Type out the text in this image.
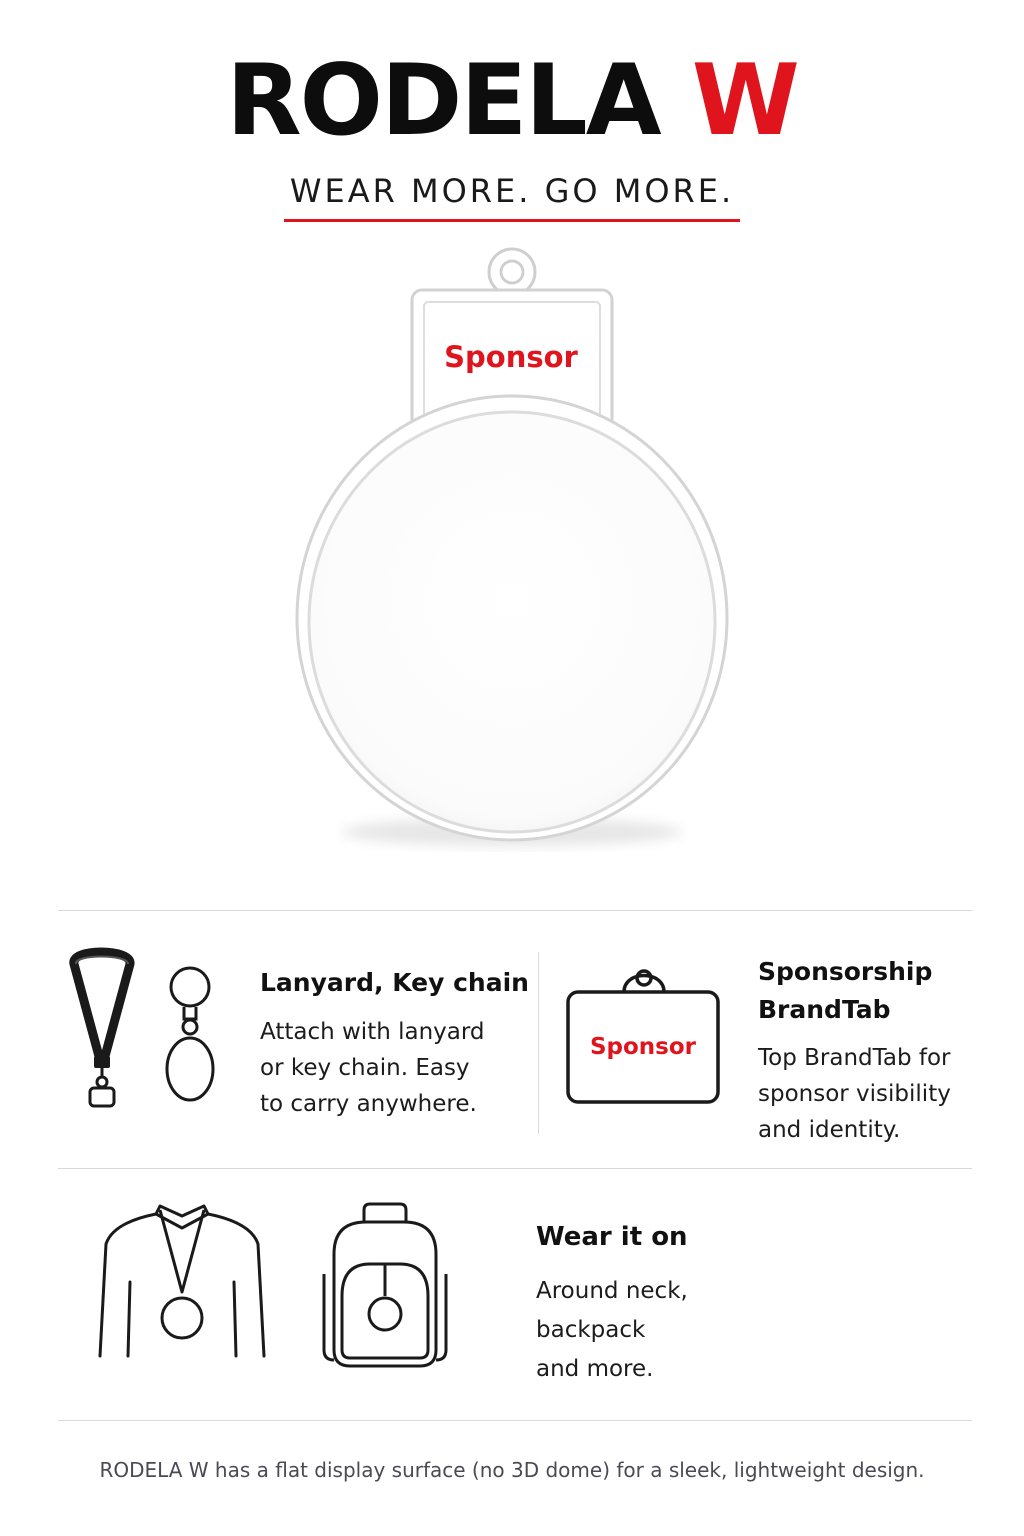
RODELA W
WEAR MORE. GO MORE.
Sponsor
Lanyard, Key chain
Attach with lanyard
or key chain. Easy
to carry anywhere.
Sponsor
Sponsorship
BrandTab
Top BrandTab for
sponsor visibility
and identity.
Wear it on
Around neck,
backpack
and more.
RODELA W has a flat display surface (no 3D dome) for a sleek, lightweight design.
